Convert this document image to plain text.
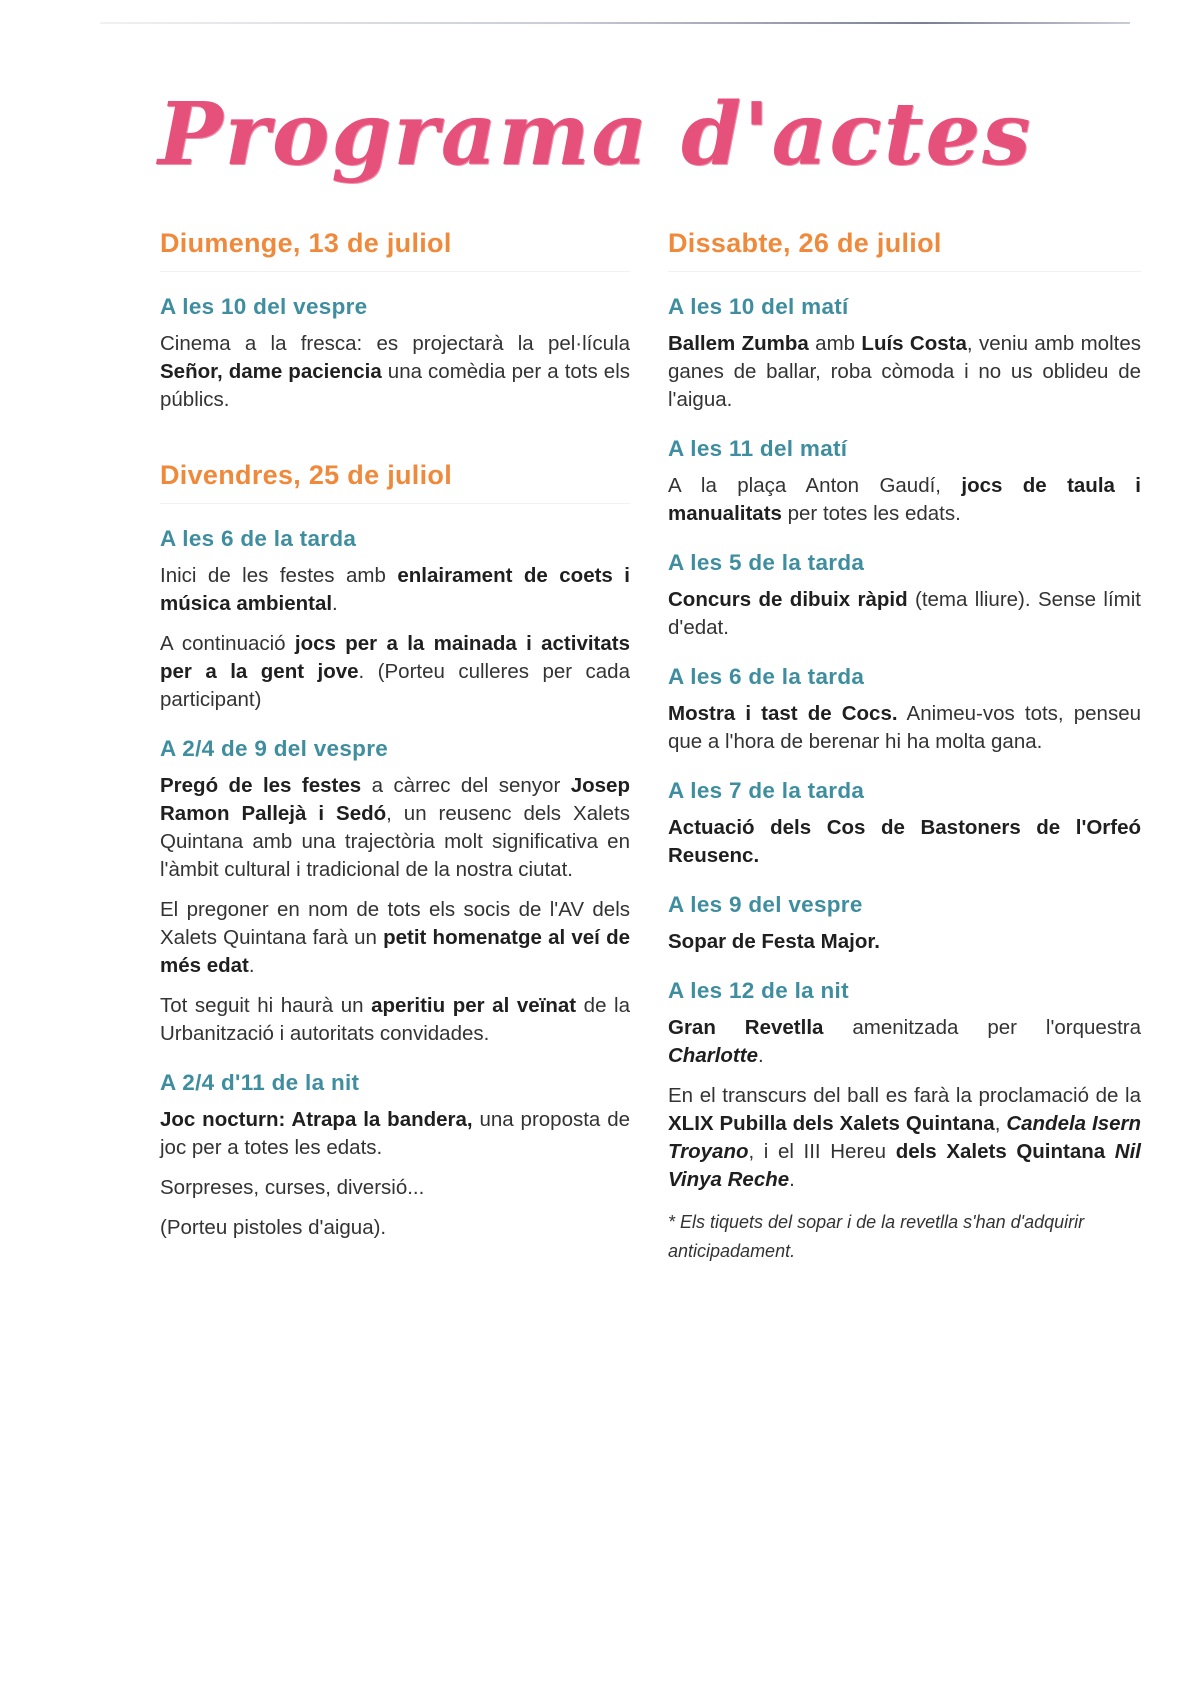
Programa d'actes
Diumenge, 13 de juliol
A les 10 del vespre

Cinema a la fresca: es projectarà la pel·lícula Señor, dame paciencia una comèdia per a tots els públics.

Divendres, 25 de juliol
A les 6 de la tarda

Inici de les festes amb enlairament de coets i música ambiental.

A continuació jocs per a la mainada i activitats per a la gent jove. (Porteu culleres per cada participant)

A 2/4 de 9 del vespre

Pregó de les festes a càrrec del senyor Josep Ramon Pallejà i Sedó, un reusenc dels Xalets Quintana amb una trajectòria molt significativa en l'àmbit cultural i tradicional de la nostra ciutat.

El pregoner en nom de tots els socis de l'AV dels Xalets Quintana farà un petit homenatge al veí de més edat.

Tot seguit hi haurà un aperitiu per al veïnat de la Urbanització i autoritats convidades.

A 2/4 d'11 de la nit

Joc nocturn: Atrapa la bandera, una proposta de joc per a totes les edats.

Sorpreses, curses, diversió...

(Porteu pistoles d'aigua).

Dissabte, 26 de juliol
A les 10 del matí

Ballem Zumba amb Luís Costa, veniu amb moltes ganes de ballar, roba còmoda i no us oblideu de l'aigua.

A les 11 del matí

A la plaça Anton Gaudí, jocs de taula i manualitats per totes les edats.

A les 5 de la tarda

Concurs de dibuix ràpid (tema lliure). Sense límit d'edat.

A les 6 de la tarda

Mostra i tast de Cocs. Animeu-vos tots, penseu que a l'hora de berenar hi ha molta gana.

A les 7 de la tarda

Actuació dels Cos de Bastoners de l'Orfeó Reusenc.

A les 9 del vespre

Sopar de Festa Major.

A les 12 de la nit

Gran Revetlla amenitzada per l'orquestra Charlotte.

En el transcurs del ball es farà la proclamació de la XLIX Pubilla dels Xalets Quintana, Candela Isern Troyano, i el III Hereu dels Xalets Quintana Nil Vinya Reche.

* Els tiquets del sopar i de la revetlla s'han d'adquirir anticipadament.
